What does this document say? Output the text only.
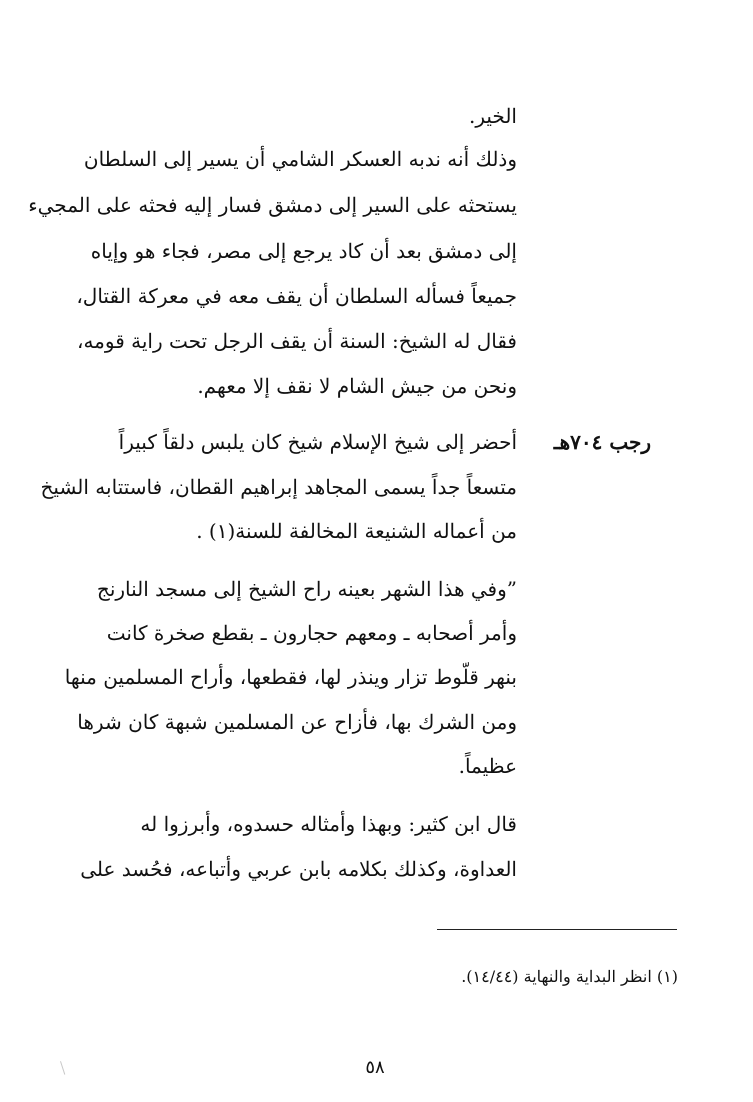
الخير.
وذلك أنه ندبه العسكر الشامي أن يسير إلى السلطان
يستحثه على السير إلى دمشق فسار إليه فحثه على المجيء
إلى دمشق بعد أن كاد يرجع إلى مصر، فجاء هو وإياه
جميعاً فسأله السلطان أن يقف معه في معركة القتال،
فقال له الشيخ: السنة أن يقف الرجل تحت راية قومه،
ونحن من جيش الشام لا نقف إلا معهم.
رجب ٧٠٤هـ
أحضر إلى شيخ الإسلام شيخ كان يلبس دلقاً كبيراً
متسعاً جداً يسمى المجاهد إبراهيم القطان، فاستتابه الشيخ
من أعماله الشنيعة المخالفة للسنة(١) .
”وفي هذا الشهر بعينه راح الشيخ إلى مسجد النارنج
وأمر أصحابه ـ ومعهم حجارون ـ بقطع صخرة كانت
بنهر قلّوط تزار وينذر لها، فقطعها، وأراح المسلمين منها
ومن الشرك بها، فأزاح عن المسلمين شبهة كان شرها
عظيماً.
قال ابن كثير: وبهذا وأمثاله حسدوه، وأبرزوا له
العداوة، وكذلك بكلامه بابن عربي وأتباعه، فحُسد على
(١) انظر البداية والنهاية (١٤/٤٤).
٥٨
